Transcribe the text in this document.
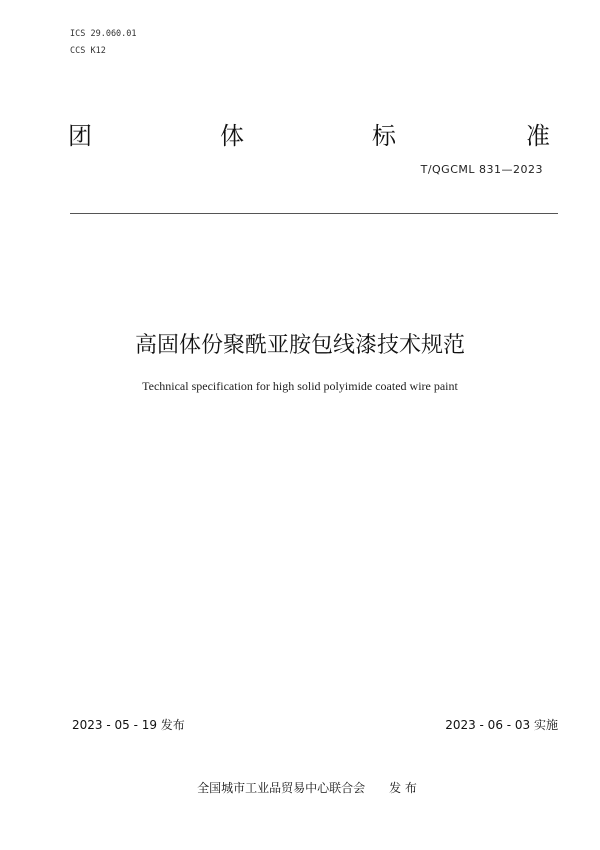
ICS 29.060.01
CCS K12
团	体	标	准
T/QGCML 831—2023
高固体份聚酰亚胺包线漆技术规范
Technical specification for high solid polyimide coated wire paint
2023 - 05 - 19 发布	2023 - 06 - 03 实施
全国城市工业品贸易中心联合会　　发 布
